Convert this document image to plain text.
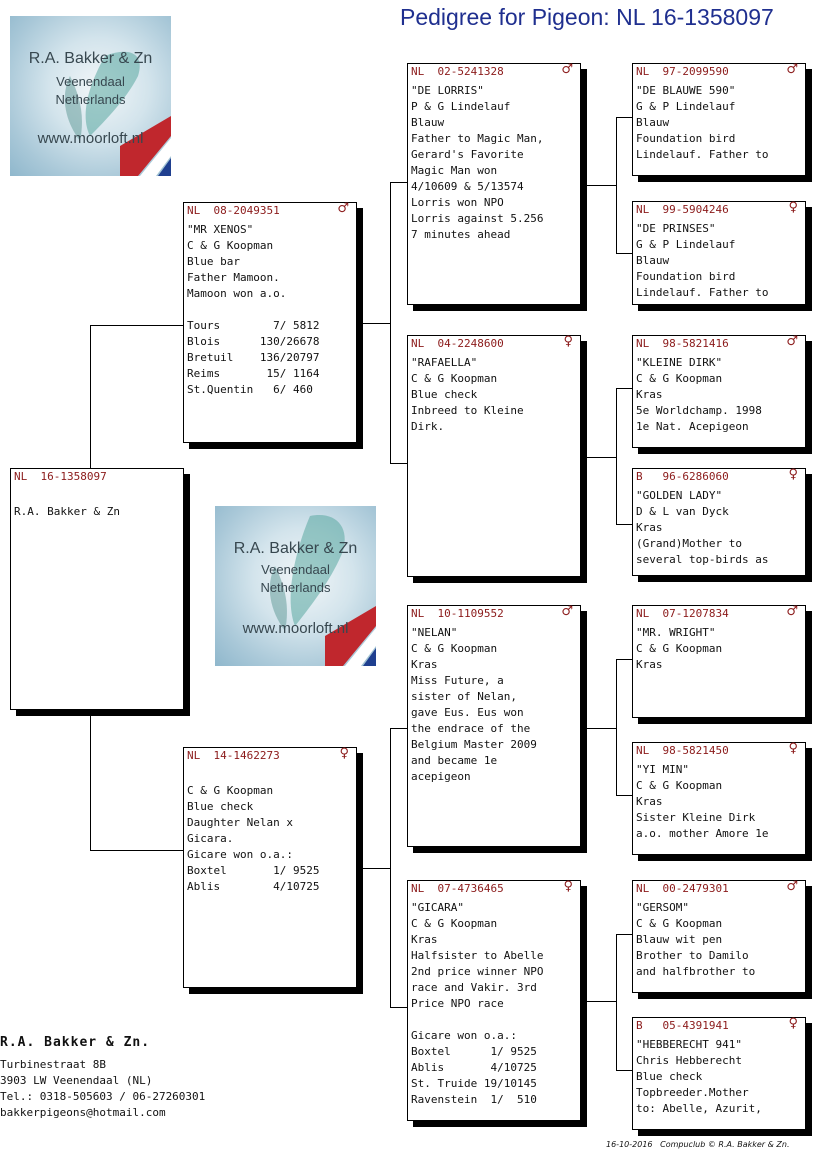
Pedigree for Pigeon: NL 16-1358097
R.A. Bakker & Zn
Veenendaal
Netherlands
www.moorloft.nl
R.A. Bakker & Zn
Veenendaal
Netherlands
www.moorloft.nl
NL  16-1358097

R.A. Bakker & Zn
NL  08-2049351	♂
"MR XENOS"
C & G Koopman
Blue bar
Father Mamoon.
Mamoon won a.o.

Tours        7/ 5812
Blois      130/26678
Bretuil    136/20797
Reims       15/ 1164
St.Quentin   6/ 460
NL  14-1462273	♀

C & G Koopman
Blue check
Daughter Nelan x
Gicara.
Gicare won o.a.:
Boxtel       1/ 9525
Ablis        4/10725
NL  02-5241328	♂
"DE LORRIS"
P & G Lindelauf
Blauw
Father to Magic Man,
Gerard's Favorite
Magic Man won
4/10609 & 5/13574
Lorris won NPO
Lorris against 5.256
7 minutes ahead
NL  04-2248600	♀
"RAFAELLA"
C & G Koopman
Blue check
Inbreed to Kleine
Dirk.
NL  10-1109552	♂
"NELAN"
C & G Koopman
Kras
Miss Future, a
sister of Nelan,
gave Eus. Eus won
the endrace of the
Belgium Master 2009
and became 1e
acepigeon
NL  07-4736465	♀
"GICARA"
C & G Koopman
Kras
Halfsister to Abelle
2nd price winner NPO
race and Vakir. 3rd
Price NPO race

Gicare won o.a.:
Boxtel      1/ 9525
Ablis       4/10725
St. Truide 19/10145
Ravenstein  1/  510
NL  97-2099590	♂
"DE BLAUWE 590"
G & P Lindelauf
Blauw
Foundation bird
Lindelauf. Father to
NL  99-5904246	♀
"DE PRINSES"
G & P Lindelauf
Blauw
Foundation bird
Lindelauf. Father to
NL  98-5821416	♂
"KLEINE DIRK"
C & G Koopman
Kras
5e Worldchamp. 1998
1e Nat. Acepigeon
B   96-6286060	♀
"GOLDEN LADY"
D & L van Dyck
Kras
(Grand)Mother to
several top-birds as
NL  07-1207834	♂
"MR. WRIGHT"
C & G Koopman
Kras
NL  98-5821450	♀
"YI MIN"
C & G Koopman
Kras
Sister Kleine Dirk
a.o. mother Amore 1e
NL  00-2479301	♂
"GERSOM"
C & G Koopman
Blauw wit pen
Brother to Damilo
and halfbrother to
B   05-4391941	♀
"HEBBERECHT 941"
Chris Hebberecht
Blue check
Topbreeder.Mother
to: Abelle, Azurit,
R.A. Bakker & Zn.
Turbinestraat 8B
3903 LW Veenendaal (NL)
Tel.: 0318-505603 / 06-27260301
bakkerpigeons@hotmail.com
16-10-2016   Compuclub © R.A. Bakker & Zn.
